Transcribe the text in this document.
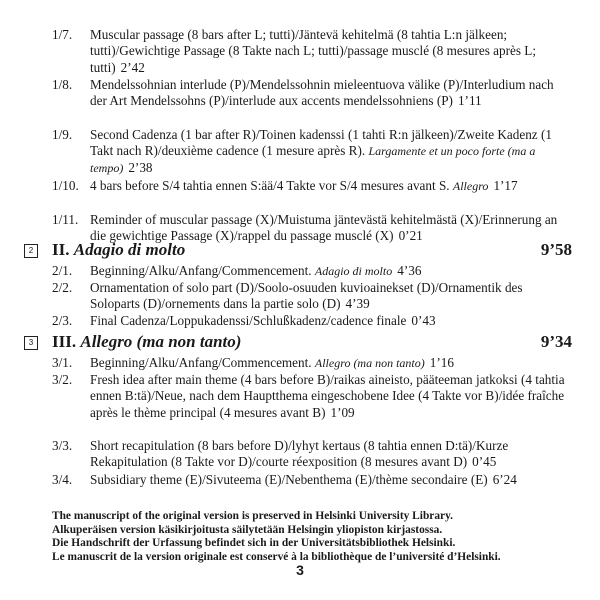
1/7. Muscular passage (8 bars after L; tutti)/Jäntevä kehitelmä (8 tahtia L:n jälkeen; tutti)/Gewichtige Passage (8 Takte nach L; tutti)/passage musclé (8 mesures après L; tutti) 2’42
1/8. Mendelssohnian interlude (P)/Mendelssohnin mieleentuova välike (P)/Interludium nach der Art Mendelssohns (P)/interlude aux accents mendelssohniens (P) 1’11
1/9. Second Cadenza (1 bar after R)/Toinen kadenssi (1 tahti R:n jälkeen)/Zweite Kadenz (1 Takt nach R)/deuxième cadence (1 mesure après R). Largamente et un poco forte (ma a tempo) 2’38
1/10. 4 bars before S/4 tahtia ennen S:ää/4 Takte vor S/4 mesures avant S. Allegro 1’17
1/11. Reminder of muscular passage (X)/Muistuma jäntevästä kehitelmästä (X)/Erinnerung an die gewichtige Passage (X)/rappel du passage musclé (X) 0’21
2 II. Adagio di molto	9’58
2/1. Beginning/Alku/Anfang/Commencement. Adagio di molto 4’36
2/2. Ornamentation of solo part (D)/Soolo-osuuden kuvioainekset (D)/Ornamentik des Soloparts (D)/ornements dans la partie solo (D) 4’39
2/3. Final Cadenza/Loppukadenssi/Schlußkadenz/cadence finale 0’43
3 III. Allegro (ma non tanto)	9’34
3/1. Beginning/Alku/Anfang/Commencement. Allegro (ma non tanto) 1’16
3/2. Fresh idea after main theme (4 bars before B)/raikas aineisto, pääteeman jatkoksi (4 tahtia ennen B:tä)/Neue, nach dem Hauptthema eingeschobene Idee (4 Takte vor B)/idée fraîche après le thème principal (4 mesures avant B) 1’09
3/3. Short recapitulation (8 bars before D)/lyhyt kertaus (8 tahtia ennen D:tä)/Kurze Rekapitulation (8 Takte vor D)/courte réexposition (8 mesures avant D) 0’45
3/4. Subsidiary theme (E)/Sivuteema (E)/Nebenthema (E)/thème secondaire (E) 6’24
The manuscript of the original version is preserved in Helsinki University Library.
Alkuperäisen version käsikirjoitusta säilytetään Helsingin yliopiston kirjastossa.
Die Handschrift der Urfassung befindet sich in der Universitätsbibliothek Helsinki.
Le manuscrit de la version originale est conservé à la bibliothèque de l’université d’Helsinki.
3
